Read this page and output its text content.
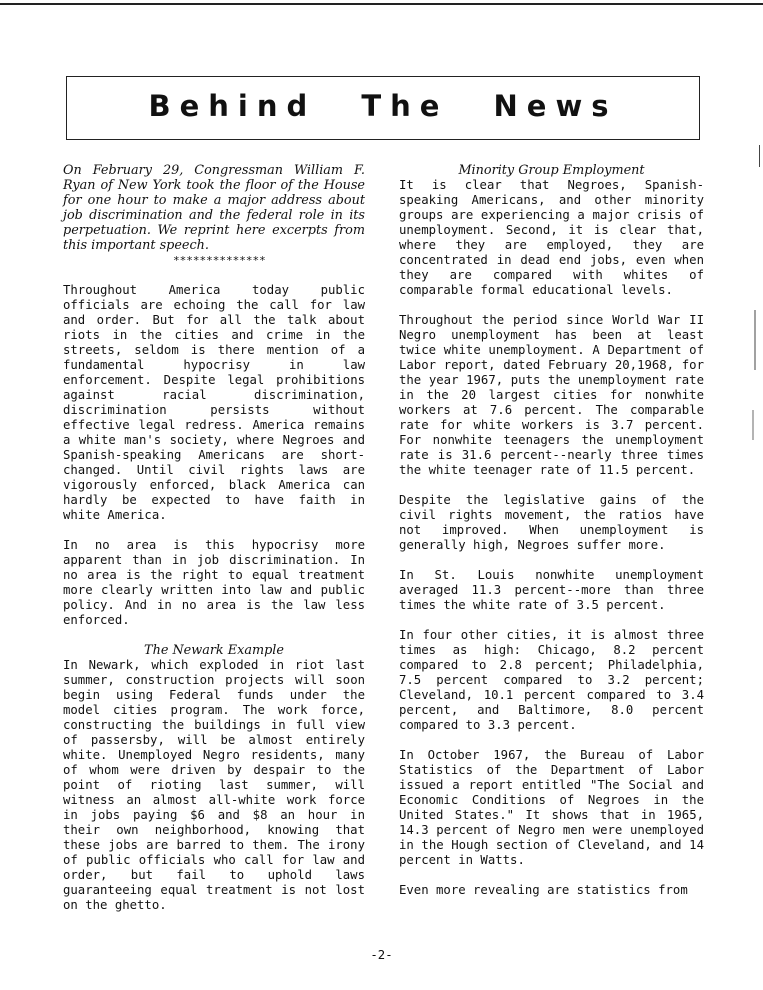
Behind The News

On February 29, Congressman William F. Ryan of New York took the floor of the House for one hour to make a major address about job discrimination and the federal role in its perpetuation. We reprint here excerpts from this important speech.

**************

Throughout America today public officials are echoing the call for law and order. But for all the talk about riots in the cities and crime in the streets, seldom is there mention of a fundamental hypocrisy in law enforcement. Despite legal prohibitions against racial discrimination, discrimination persists without effective legal redress. America remains a white man's society, where Negroes and Spanish-speaking Americans are short-changed. Until civil rights laws are vigorously enforced, black America can hardly be expected to have faith in white America.

In no area is this hypocrisy more apparent than in job discrimination. In no area is the right to equal treatment more clearly written into law and public policy. And in no area is the law less enforced.

The Newark Example

In Newark, which exploded in riot last summer, construction projects will soon begin using Federal funds under the model cities program. The work force, constructing the buildings in full view of passersby, will be almost entirely white. Unemployed Negro residents, many of whom were driven by despair to the point of rioting last summer, will witness an almost all-white work force in jobs paying $6 and $8 an hour in their own neighborhood, knowing that these jobs are barred to them. The irony of public officials who call for law and order, but fail to uphold laws guaranteeing equal treatment is not lost on the ghetto.

Minority Group Employment

It is clear that Negroes, Spanish-speaking Americans, and other minority groups are experiencing a major crisis of unemployment. Second, it is clear that, where they are employed, they are concentrated in dead end jobs, even when they are compared with whites of comparable formal educational levels.

Throughout the period since World War II Negro unemployment has been at least twice white unemployment. A Department of Labor report, dated February 20,1968, for the year 1967, puts the unemployment rate in the 20 largest cities for nonwhite workers at 7.6 percent. The comparable rate for white workers is 3.7 percent. For nonwhite teenagers the unemployment rate is 31.6 percent--nearly three times the white teenager rate of 11.5 percent.

Despite the legislative gains of the civil rights movement, the ratios have not improved. When unemployment is generally high, Negroes suffer more.

In St. Louis nonwhite unemployment averaged 11.3 percent--more than three times the white rate of 3.5 percent.

In four other cities, it is almost three times as high: Chicago, 8.2 percent compared to 2.8 percent; Philadelphia, 7.5 percent compared to 3.2 percent; Cleveland, 10.1 percent compared to 3.4 percent, and Baltimore, 8.0 percent compared to 3.3 percent.

In October 1967, the Bureau of Labor Statistics of the Department of Labor issued a report entitled "The Social and Economic Conditions of Negroes in the United States." It shows that in 1965, 14.3 percent of Negro men were unemployed in the Hough section of Cleveland, and 14 percent in Watts.

Even more revealing are statistics from

-2-
